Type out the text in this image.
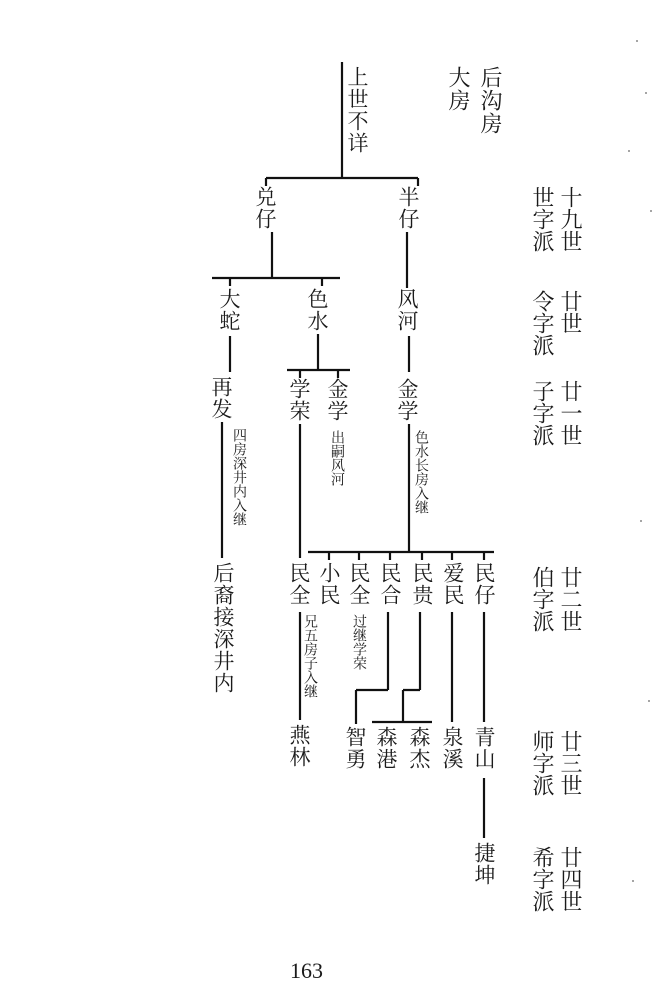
后沟房
大房
上世不详
兑仔	半仔
大蛇	色水	风河
再发	学荣 金学 金学
四房深井内入继	出嗣风河	色水长房入继
民全 小民 民全 民合 民贵 爱民 民仔
兄五房子入继 过继学荣
后裔接深井内
燕林 智勇 森港 森杰 泉溪 青山
捷坤
十九世
世字派
廿世
令字派
廿一世
子字派
廿二世
伯字派
廿三世
师字派
廿四世
希字派
163
